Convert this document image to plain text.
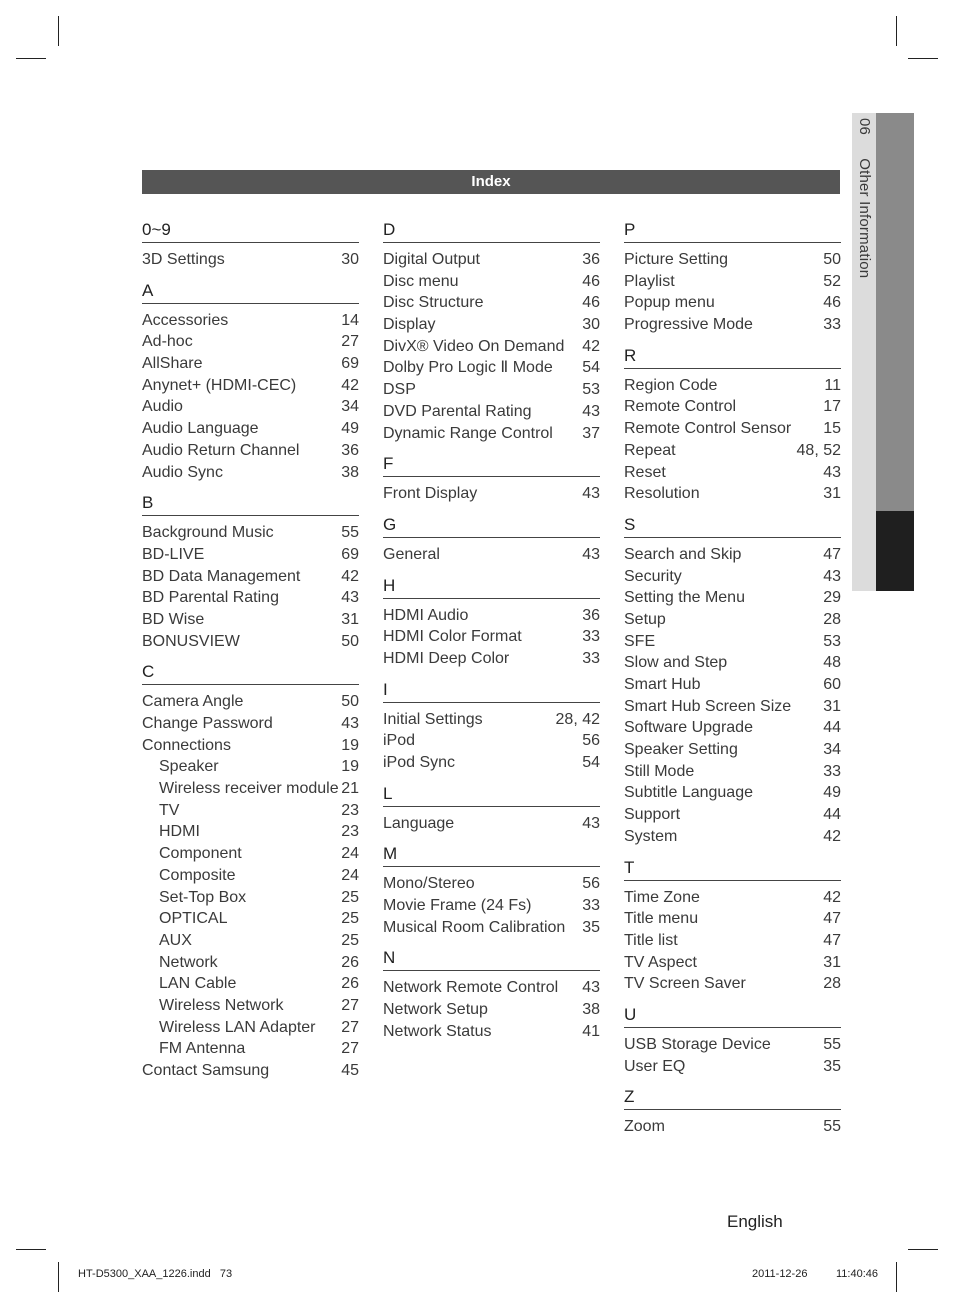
06   Other Information
Index
0~9
3D Settings	30
A
Accessories	14
Ad-hoc	27
AllShare	69
Anynet+ (HDMI-CEC)	42
Audio	34
Audio Language	49
Audio Return Channel	36
Audio Sync	38
B
Background Music	55
BD-LIVE	69
BD Data Management	42
BD Parental Rating	43
BD Wise	31
BONUSVIEW	50
C
Camera Angle	50
Change Password	43
Connections	19
Speaker	19
Wireless receiver module 21
TV	23
HDMI	23
Component	24
Composite	24
Set-Top Box	25
OPTICAL	25
AUX	25
Network	26
LAN Cable	26
Wireless Network	27
Wireless LAN Adapter 27
FM Antenna	27
Contact Samsung	45
D
Digital Output	36
Disc menu	46
Disc Structure	46
Display	30
DivX® Video On Demand 42
Dolby Pro Logic Ⅱ Mode 54
DSP	53
DVD Parental Rating	43
Dynamic Range Control 37
F
Front Display	43
G
General	43
H
HDMI Audio	36
HDMI Color Format	33
HDMI Deep Color	33
I
Initial Settings	28, 42
iPod	56
iPod Sync	54
L
Language	43
M
Mono/Stereo	56
Movie Frame (24 Fs)	33
Musical Room Calibration 35
N
Network Remote Control 43
Network Setup	38
Network Status	41
P
Picture Setting	50
Playlist	52
Popup menu	46
Progressive Mode	33
R
Region Code	11
Remote Control	17
Remote Control Sensor 15
Repeat	48, 52
Reset	43
Resolution	31
S
Search and Skip	47
Security	43
Setting the Menu	29
Setup	28
SFE	53
Slow and Step	48
Smart Hub	60
Smart Hub Screen Size 31
Software Upgrade	44
Speaker Setting	34
Still Mode	33
Subtitle Language	49
Support	44
System	42
T
Time Zone	42
Title menu	47
Title list	47
TV Aspect	31
TV Screen Saver	28
U
USB Storage Device	55
User EQ	35
Z
Zoom	55
English
HT-D5300_XAA_1226.indd   73	2011-12-26	11:40:46
